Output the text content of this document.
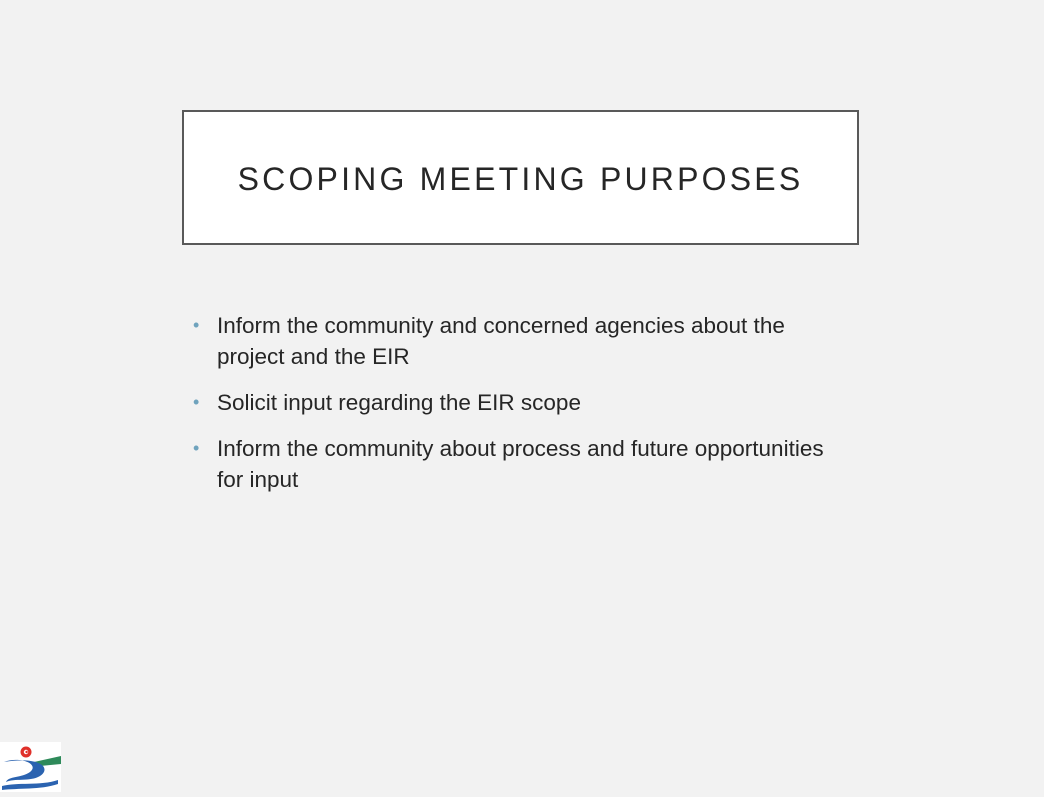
SCOPING MEETING PURPOSES
• Inform the community and concerned agencies about the project and the EIR
• Solicit input regarding the EIR scope
• Inform the community about process and future opportunities for input
